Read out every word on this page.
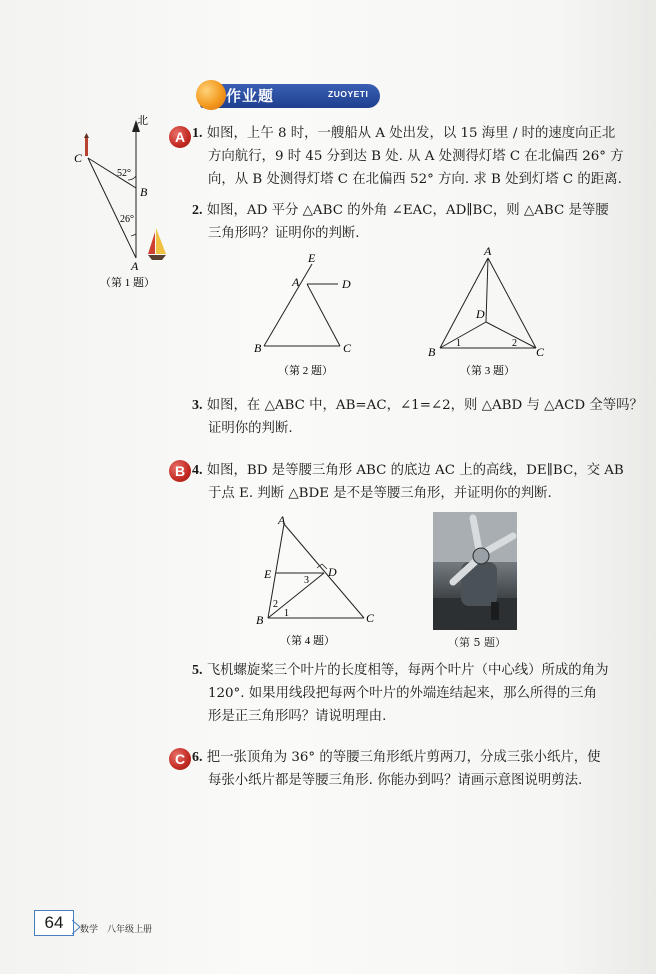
作业题	ZUOYETI
A 1. 如图，上午 8 时，一艘船从 A 处出发，以 15 海里 / 时的速度向正北
方向航行，9 时 45 分到达 B 处. 从 A 处测得灯塔 C 在北偏西 26° 方
向，从 B 处测得灯塔 C 在北偏西 52° 方向. 求 B 处到灯塔 C 的距离.
2. 如图，AD 平分 △ABC 的外角 ∠EAC，AD∥BC，则 △ABC 是等腰
三角形吗？证明你的判断.
北
C
B
A
52°
26°
（第 1 题）
E
A	D
B	C
（第 2 题）
A
D
B	C
1	2
（第 3 题）
3. 如图，在 △ABC 中，AB=AC，∠1=∠2，则 △ABD 与 △ACD 全等吗？
证明你的判断.
B 4. 如图，BD 是等腰三角形 ABC 的底边 AC 上的高线，DE∥BC，交 AB
于点 E. 判断 △BDE 是不是等腰三角形，并证明你的判断.
A
E	D
B	C
1
2
3
（第 4 题）	（第 5 题）
5. 飞机螺旋桨三个叶片的长度相等，每两个叶片（中心线）所成的角为
120°. 如果用线段把每两个叶片的外端连结起来，那么所得的三角
形是正三角形吗？请说明理由.
C 6. 把一张顶角为 36° 的等腰三角形纸片剪两刀，分成三张小纸片，使
每张小纸片都是等腰三角形. 你能办到吗？请画示意图说明剪法.
64	数学　八年级上册
